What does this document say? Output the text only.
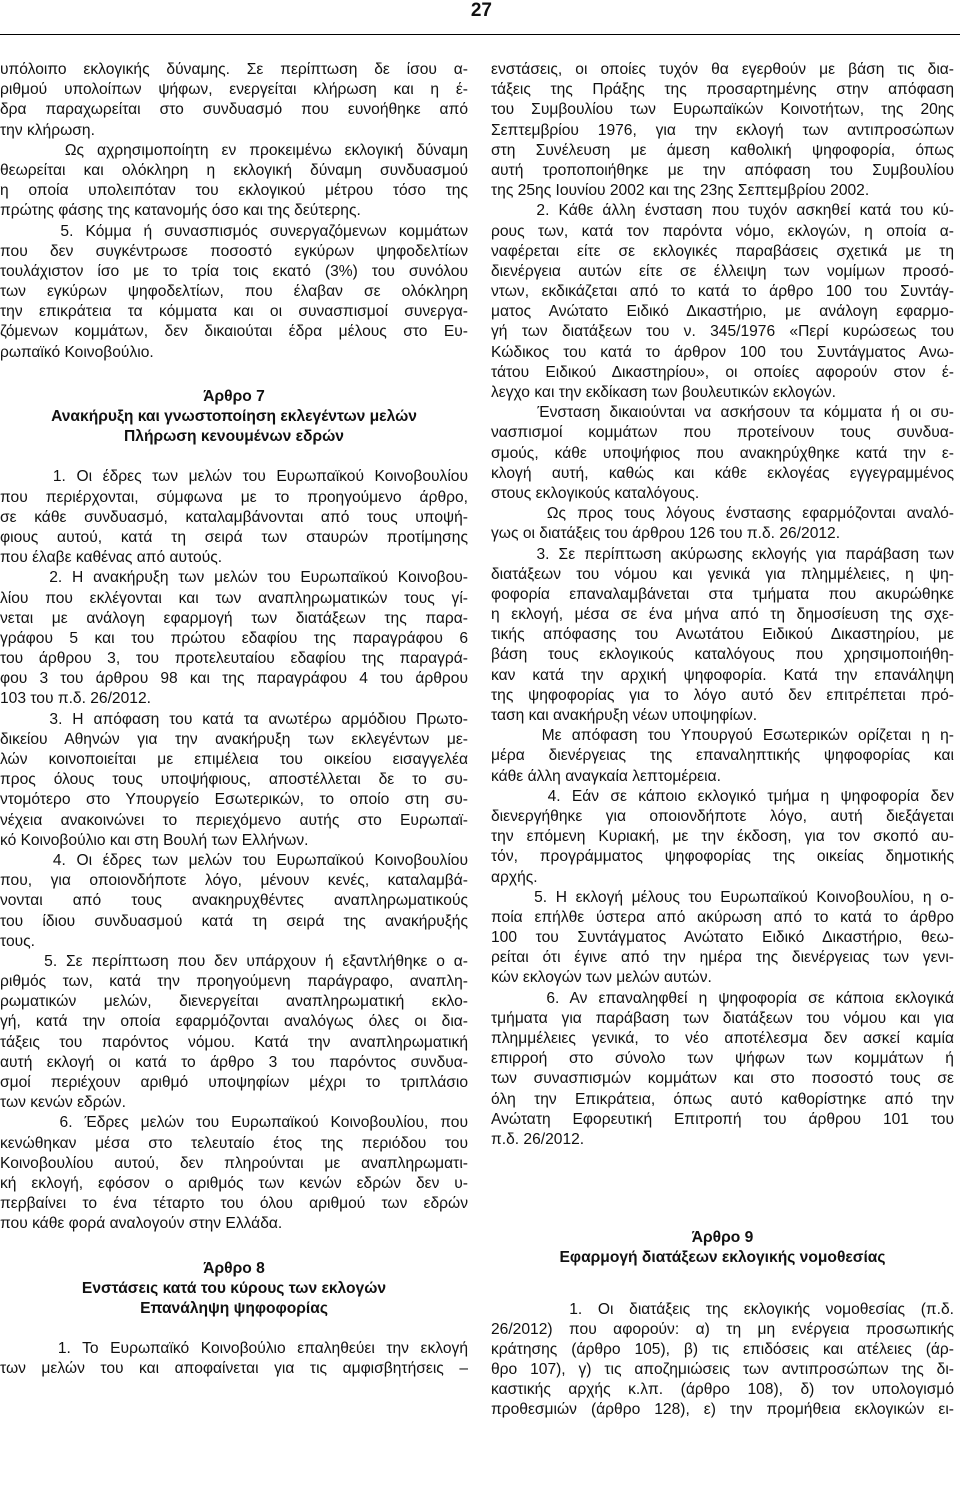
27
υπόλοιπο εκλογικής δύναμης. Σε περίπτωση δε ίσου α-
ριθμού υπολοίπων ψήφων, ενεργείται κλήρωση και η έ-
δρα παραχωρείται στο συνδυασμό που ευνοήθηκε από
την κλήρωση.
Ως αχρησιμοποίητη εν προκειμένω εκλογική δύναμη
θεωρείται και ολόκληρη η εκλογική δύναμη συνδυασμού
η οποία υπολειπόταν του εκλογικού μέτρου τόσο της
πρώτης φάσης της κατανομής όσο και της δεύτερης.
5. Κόμμα ή συνασπισμός συνεργαζόμενων κομμάτων
που δεν συγκέντρωσε ποσοστό εγκύρων ψηφοδελτίων
τουλάχιστον ίσο με το τρία τοις εκατό (3%) του συνόλου
των εγκύρων ψηφοδελτίων, που έλαβαν σε ολόκληρη
την επικράτεια τα κόμματα και οι συνασπισμοί συνεργα-
ζόμενων κομμάτων, δεν δικαιούται έδρα μέλους στο Ευ-
ρωπαϊκό Κοινοβούλιο.
Άρθρο 7
Ανακήρυξη και γνωστοποίηση εκλεγέντων μελών
Πλήρωση κενουμένων εδρών
1. Οι έδρες των μελών του Ευρωπαϊκού Κοινοβουλίου
που περιέρχονται, σύμφωνα με το προηγούμενο άρθρο,
σε κάθε συνδυασμό, καταλαμβάνονται από τους υποψή-
φιους αυτού, κατά τη σειρά των σταυρών προτίμησης
που έλαβε καθένας από αυτούς.
2. Η ανακήρυξη των μελών του Ευρωπαϊκού Κοινοβου-
λίου που εκλέγονται και των αναπληρωματικών τους γί-
νεται με ανάλογη εφαρμογή των διατάξεων της παρα-
γράφου 5 και του πρώτου εδαφίου της παραγράφου 6
του άρθρου 3, του προτελευταίου εδαφίου της παραγρά-
φου 3 του άρθρου 98 και της παραγράφου 4 του άρθρου
103 του π.δ. 26/2012.
3. Η απόφαση του κατά τα ανωτέρω αρμόδιου Πρωτο-
δικείου Αθηνών για την ανακήρυξη των εκλεγέντων με-
λών κοινοποιείται με επιμέλεια του οικείου εισαγγελέα
προς όλους τους υποψήφιους, αποστέλλεται δε το συ-
ντομότερο στο Υπουργείο Εσωτερικών, το οποίο στη συ-
νέχεια ανακοινώνει το περιεχόμενο αυτής στο Ευρωπαϊ-
κό Κοινοβούλιο και στη Βουλή των Ελλήνων.
4. Οι έδρες των μελών του Ευρωπαϊκού Κοινοβουλίου
που, για οποιονδήποτε λόγο, μένουν κενές, καταλαμβά-
νονται από τους ανακηρυχθέντες αναπληρωματικούς
του ίδιου συνδυασμού κατά τη σειρά της ανακήρυξής
τους.
5. Σε περίπτωση που δεν υπάρχουν ή εξαντλήθηκε ο α-
ριθμός των, κατά την προηγούμενη παράγραφο, αναπλη-
ρωματικών μελών, διενεργείται αναπληρωματική εκλο-
γή, κατά την οποία εφαρμόζονται αναλόγως όλες οι δια-
τάξεις του παρόντος νόμου. Κατά την αναπληρωματική
αυτή εκλογή οι κατά το άρθρο 3 του παρόντος συνδυα-
σμοί περιέχουν αριθμό υποψηφίων μέχρι το τριπλάσιο
των κενών εδρών.
6. Έδρες μελών του Ευρωπαϊκού Κοινοβουλίου, που
κενώθηκαν μέσα στο τελευταίο έτος της περιόδου του
Κοινοβουλίου αυτού, δεν πληρούνται με αναπληρωματι-
κή εκλογή, εφόσον ο αριθμός των κενών εδρών δεν υ-
περβαίνει το ένα τέταρτο του όλου αριθμού των εδρών
που κάθε φορά αναλογούν στην Ελλάδα.
Άρθρο 8
Ενστάσεις κατά του κύρους των εκλογών
Επανάληψη ψηφοφορίας
1. Το Ευρωπαϊκό Κοινοβούλιο επαληθεύει την εκλογή
των μελών του και αποφαίνεται για τις αμφισβητήσεις –
ενστάσεις, οι οποίες τυχόν θα εγερθούν με βάση τις δια-
τάξεις της Πράξης της προσαρτημένης στην απόφαση
του Συμβουλίου των Ευρωπαϊκών Κοινοτήτων, της 20ης
Σεπτεμβρίου 1976, για την εκλογή των αντιπροσώπων
στη Συνέλευση με άμεση καθολική ψηφοφορία, όπως
αυτή τροποποιήθηκε με την απόφαση του Συμβουλίου
της 25ης Ιουνίου 2002 και της 23ης Σεπτεμβρίου 2002.
2. Κάθε άλλη ένσταση που τυχόν ασκηθεί κατά του κύ-
ρους των, κατά τον παρόντα νόμο, εκλογών, η οποία α-
ναφέρεται είτε σε εκλογικές παραβάσεις σχετικά με τη
διενέργεια αυτών είτε σε έλλειψη των νομίμων προσό-
ντων, εκδικάζεται από το κατά το άρθρο 100 του Συντάγ-
ματος Ανώτατο Ειδικό Δικαστήριο, με ανάλογη εφαρμο-
γή των διατάξεων του ν. 345/1976 «Περί κυρώσεως του
Κώδικος του κατά το άρθρον 100 του Συντάγματος Ανω-
τάτου Ειδικού Δικαστηρίου», οι οποίες αφορούν στον έ-
λεγχο και την εκδίκαση των βουλευτικών εκλογών.
Ένσταση δικαιούνται να ασκήσουν τα κόμματα ή οι συ-
νασπισμοί κομμάτων που προτείνουν τους συνδυα-
σμούς, κάθε υποψήφιος που ανακηρύχθηκε κατά την ε-
κλογή αυτή, καθώς και κάθε εκλογέας εγγεγραμμένος
στους εκλογικούς καταλόγους.
Ως προς τους λόγους ένστασης εφαρμόζονται αναλό-
γως οι διατάξεις του άρθρου 126 του π.δ. 26/2012.
3. Σε περίπτωση ακύρωσης εκλογής για παράβαση των
διατάξεων του νόμου και γενικά για πλημμέλειες, η ψη-
φοφορία επαναλαμβάνεται στα τμήματα που ακυρώθηκε
η εκλογή, μέσα σε ένα μήνα από τη δημοσίευση της σχε-
τικής απόφασης του Ανωτάτου Ειδικού Δικαστηρίου, με
βάση τους εκλογικούς καταλόγους που χρησιμοποιήθη-
καν κατά την αρχική ψηφοφορία. Κατά την επανάληψη
της ψηφοφορίας για το λόγο αυτό δεν επιτρέπεται πρό-
ταση και ανακήρυξη νέων υποψηφίων.
Με απόφαση του Υπουργού Εσωτερικών ορίζεται η η-
μέρα διενέργειας της επαναληπτικής ψηφοφορίας και
κάθε άλλη αναγκαία λεπτομέρεια.
4. Εάν σε κάποιο εκλογικό τμήμα η ψηφοφορία δεν
διενεργήθηκε για οποιονδήποτε λόγο, αυτή διεξάγεται
την επόμενη Κυριακή, με την έκδοση, για τον σκοπό αυ-
τόν, προγράμματος ψηφοφορίας της οικείας δημοτικής
αρχής.
5. Η εκλογή μέλους του Ευρωπαϊκού Κοινοβουλίου, η ο-
ποία επήλθε ύστερα από ακύρωση από το κατά το άρθρο
100 του Συντάγματος Ανώτατο Ειδικό Δικαστήριο, θεω-
ρείται ότι έγινε από την ημέρα της διενέργειας των γενι-
κών εκλογών των μελών αυτών.
6. Αν επαναληφθεί η ψηφοφορία σε κάποια εκλογικά
τμήματα για παράβαση των διατάξεων του νόμου και για
πλημμέλειες γενικά, το νέο αποτέλεσμα δεν ασκεί καμία
επιρροή στο σύνολο των ψήφων των κομμάτων ή
των συνασπισμών κομμάτων και στο ποσοστό τους σε
όλη την Επικράτεια, όπως αυτό καθορίστηκε από την
Ανώτατη Εφορευτική Επιτροπή του άρθρου 101 του
π.δ. 26/2012.
Άρθρο 9
Εφαρμογή διατάξεων εκλογικής νομοθεσίας
1. Οι διατάξεις της εκλογικής νομοθεσίας (π.δ.
26/2012) που αφορούν: α) τη μη ενέργεια προσωπικής
κράτησης (άρθρο 105), β) τις επιδόσεις και ατέλειες (άρ-
θρο 107), γ) τις αποζημιώσεις των αντιπροσώπων της δι-
καστικής αρχής κ.λπ. (άρθρο 108), δ) τον υπολογισμό
προθεσμιών (άρθρο 128), ε) την προμήθεια εκλογικών ει-
